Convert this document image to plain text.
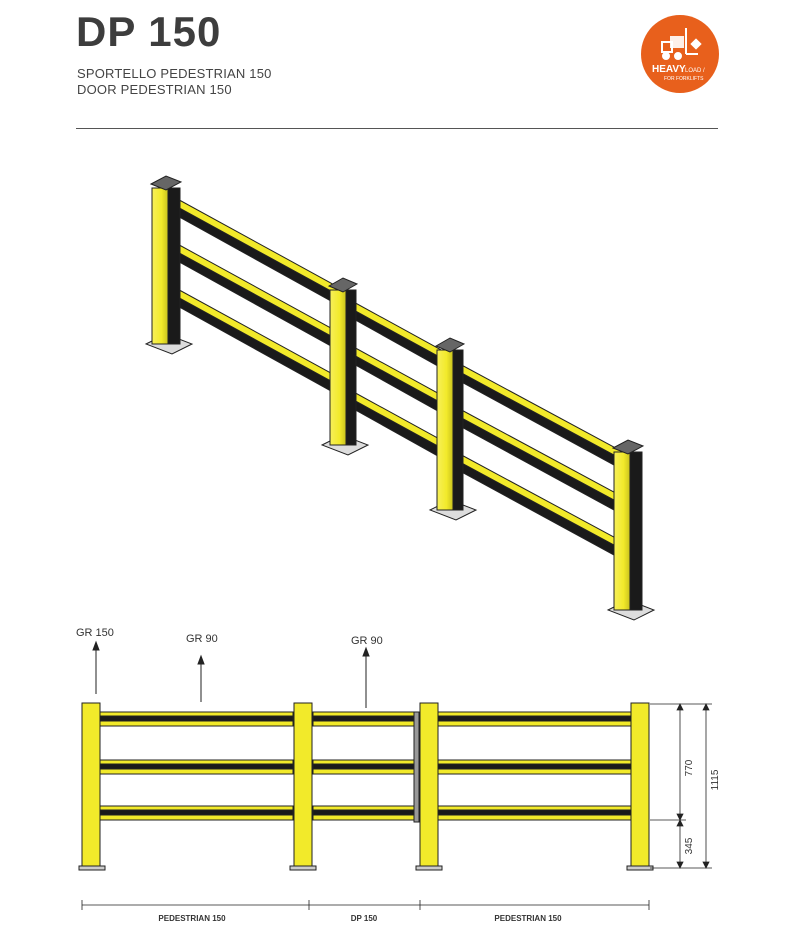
DP 150
SPORTELLO PEDESTRIAN 150
DOOR PEDESTRIAN 150
HEAVY LOAD /
FOR FORKLIFTS
GR 150	GR 90	GR 90
770
345
1115
PEDESTRIAN 150	DP 150	PEDESTRIAN 150
